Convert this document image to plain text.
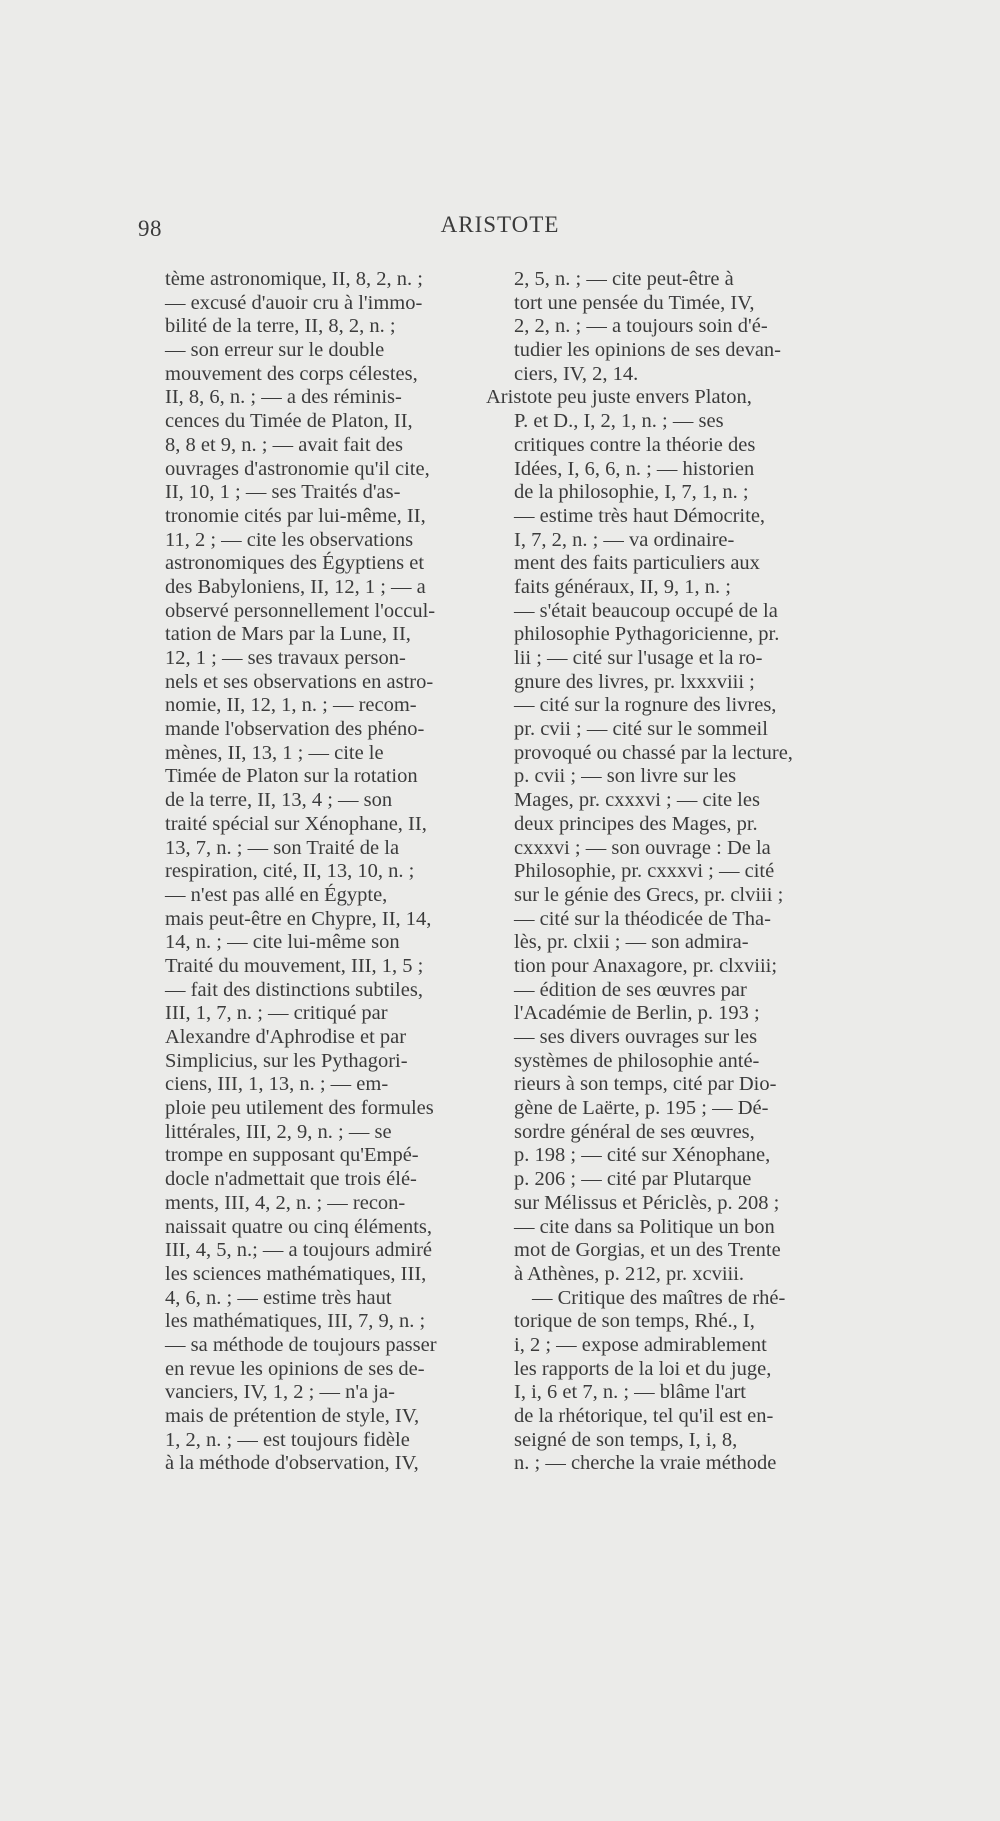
98	ARISTOTE
tème astronomique, II, 8, 2, n. ;
— excusé d'auoir cru à l'immo-
bilité de la terre, II, 8, 2, n. ;
— son erreur sur le double
mouvement des corps célestes,
II, 8, 6, n. ; — a des réminis-
cences du Timée de Platon, II,
8, 8 et 9, n. ; — avait fait des
ouvrages d'astronomie qu'il cite,
II, 10, 1 ; — ses Traités d'as-
tronomie cités par lui-même, II,
11, 2 ; — cite les observations
astronomiques des Égyptiens et
des Babyloniens, II, 12, 1 ; — a
observé personnellement l'occul-
tation de Mars par la Lune, II,
12, 1 ; — ses travaux person-
nels et ses observations en astro-
nomie, II, 12, 1, n. ; — recom-
mande l'observation des phéno-
mènes, II, 13, 1 ; — cite le
Timée de Platon sur la rotation
de la terre, II, 13, 4 ; — son
traité spécial sur Xénophane, II,
13, 7, n. ; — son Traité de la
respiration, cité, II, 13, 10, n. ;
— n'est pas allé en Égypte,
mais peut-être en Chypre, II, 14,
14, n. ; — cite lui-même son
Traité du mouvement, III, 1, 5 ;
— fait des distinctions subtiles,
III, 1, 7, n. ; — critiqué par
Alexandre d'Aphrodise et par
Simplicius, sur les Pythagori-
ciens, III, 1, 13, n. ; — em-
ploie peu utilement des formules
littérales, III, 2, 9, n. ; — se
trompe en supposant qu'Empé-
docle n'admettait que trois élé-
ments, III, 4, 2, n. ; — recon-
naissait quatre ou cinq éléments,
III, 4, 5, n.; — a toujours admiré
les sciences mathématiques, III,
4, 6, n. ; — estime très haut
les mathématiques, III, 7, 9, n. ;
— sa méthode de toujours passer
en revue les opinions de ses de-
vanciers, IV, 1, 2 ; — n'a ja-
mais de prétention de style, IV,
1, 2, n. ; — est toujours fidèle
à la méthode d'observation, IV,
2, 5, n. ; — cite peut-être à
tort une pensée du Timée, IV,
2, 2, n. ; — a toujours soin d'é-
tudier les opinions de ses devan-
ciers, IV, 2, 14.
Aristote peu juste envers Platon,
P. et D., I, 2, 1, n. ; — ses
critiques contre la théorie des
Idées, I, 6, 6, n. ; — historien
de la philosophie, I, 7, 1, n. ;
— estime très haut Démocrite,
I, 7, 2, n. ; — va ordinaire-
ment des faits particuliers aux
faits généraux, II, 9, 1, n. ;
— s'était beaucoup occupé de la
philosophie Pythagoricienne, pr.
lii ; — cité sur l'usage et la ro-
gnure des livres, pr. lxxxviii ;
— cité sur la rognure des livres,
pr. cvii ; — cité sur le sommeil
provoqué ou chassé par la lecture,
p. cvii ; — son livre sur les
Mages, pr. cxxxvi ; — cite les
deux principes des Mages, pr.
cxxxvi ; — son ouvrage : De la
Philosophie, pr. cxxxvi ; — cité
sur le génie des Grecs, pr. clviii ;
— cité sur la théodicée de Tha-
lès, pr. clxii ; — son admira-
tion pour Anaxagore, pr. clxviii;
— édition de ses œuvres par
l'Académie de Berlin, p. 193 ;
— ses divers ouvrages sur les
systèmes de philosophie anté-
rieurs à son temps, cité par Dio-
gène de Laërte, p. 195 ; — Dé-
sordre général de ses œuvres,
p. 198 ; — cité sur Xénophane,
p. 206 ; — cité par Plutarque
sur Mélissus et Périclès, p. 208 ;
— cite dans sa Politique un bon
mot de Gorgias, et un des Trente
à Athènes, p. 212, pr. xcviii.
— Critique des maîtres de rhé-
torique de son temps, Rhé., I,
i, 2 ; — expose admirablement
les rapports de la loi et du juge,
I, i, 6 et 7, n. ; — blâme l'art
de la rhétorique, tel qu'il est en-
seigné de son temps, I, i, 8,
n. ; — cherche la vraie méthode
